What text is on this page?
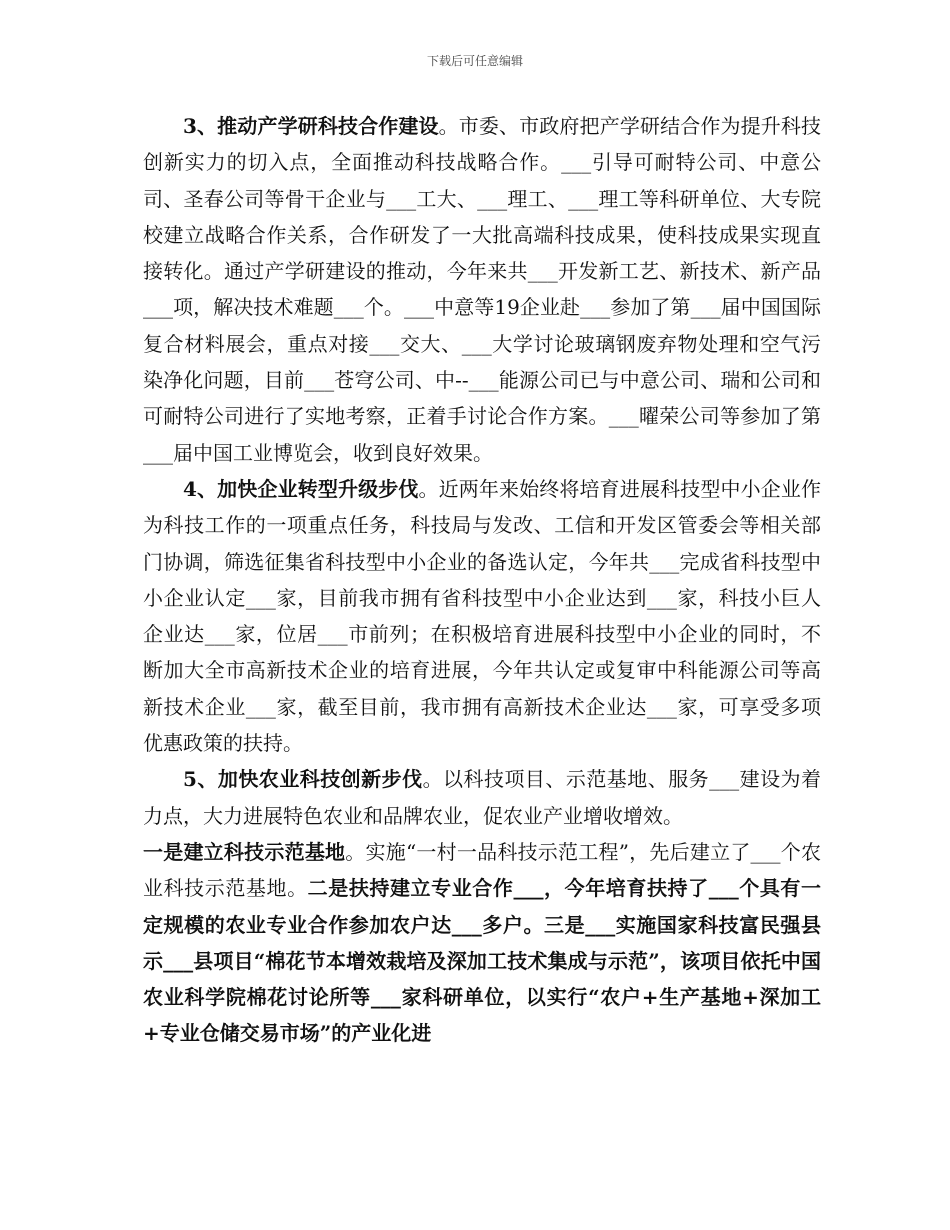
下载后可任意编辑

3、推动产学研科技合作建设。市委、市政府把产学研结合作为提升科技创新实力的切入点，全面推动科技战略合作。___引导可耐特公司、中意公司、圣春公司等骨干企业与___工大、___理工、___理工等科研单位、大专院校建立战略合作关系，合作研发了一大批高端科技成果，使科技成果实现直接转化。通过产学研建设的推动，今年来共___开发新工艺、新技术、新产品___项，解决技术难题___个。___中意等19企业赴___参加了第___届中国国际复合材料展会，重点对接___交大、___大学讨论玻璃钢废弃物处理和空气污染净化问题，目前___苍穹公司、中--___能源公司已与中意公司、瑞和公司和可耐特公司进行了实地考察，正着手讨论合作方案。___曜荣公司等参加了第___届中国工业博览会，收到良好效果。

4、加快企业转型升级步伐。近两年来始终将培育进展科技型中小企业作为科技工作的一项重点任务，科技局与发改、工信和开发区管委会等相关部门协调，筛选征集省科技型中小企业的备选认定，今年共___完成省科技型中小企业认定___家，目前我市拥有省科技型中小企业达到___家，科技小巨人企业达___家，位居___市前列；在积极培育进展科技型中小企业的同时，不断加大全市高新技术企业的培育进展，今年共认定或复审中科能源公司等高新技术企业___家，截至目前，我市拥有高新技术企业达___家，可享受多项优惠政策的扶持。

5、加快农业科技创新步伐。以科技项目、示范基地、服务___建设为着力点，大力进展特色农业和品牌农业，促农业产业增收增效。

一是建立科技示范基地。实施“一村一品科技示范工程”，先后建立了___个农业科技示范基地。二是扶持建立专业合作___，今年培育扶持了___个具有一定规模的农业专业合作参加农户达___多户。三是___实施国家科技富民强县示___县项目“棉花节本增效栽培及深加工技术集成与示范”，该项目依托中国农业科学院棉花讨论所等___家科研单位，以实行“农户+生产基地+深加工+专业仓储交易市场”的产业化进
